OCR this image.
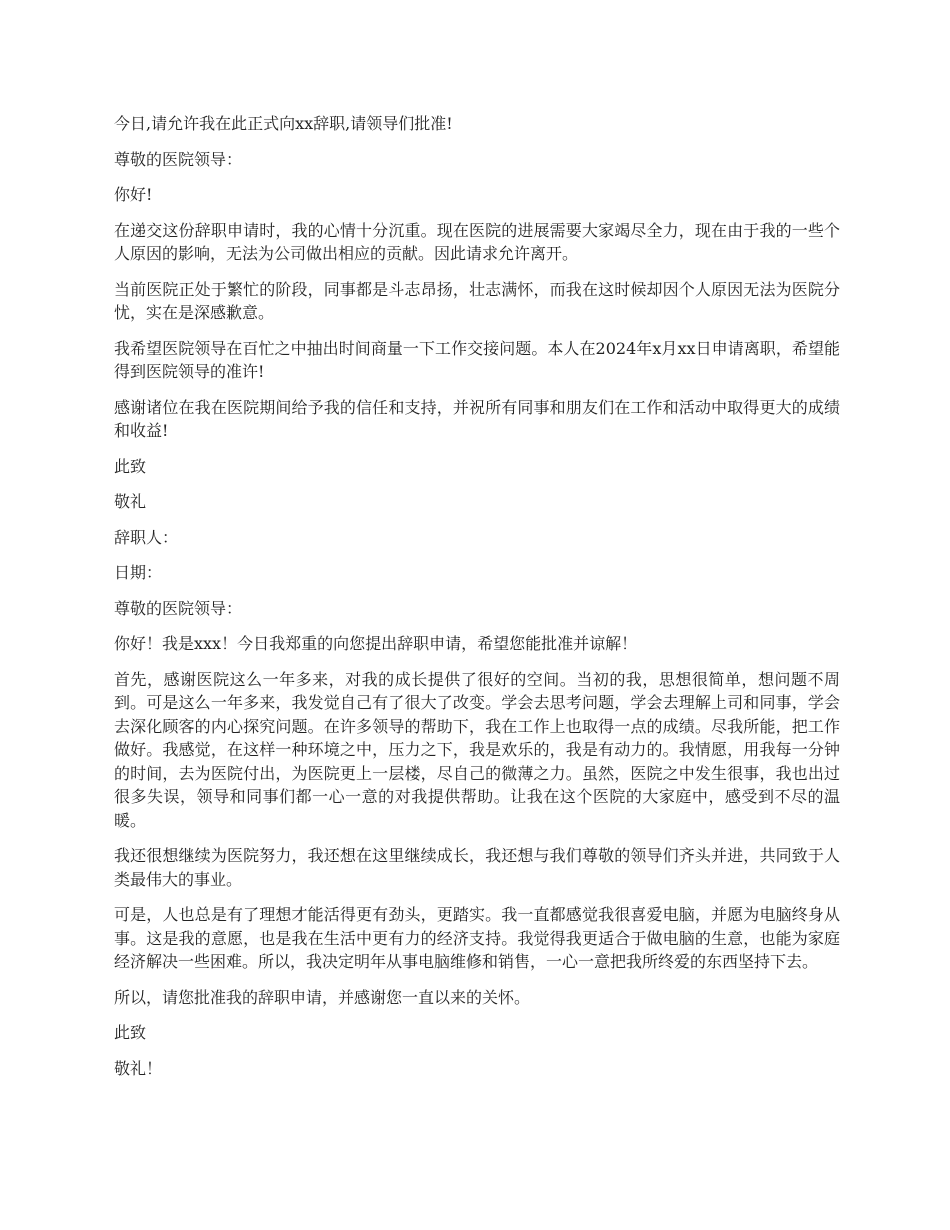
今日,请允许我在此正式向xx辞职,请领导们批准!

尊敬的医院领导：

你好!

在递交这份辞职申请时，我的心情十分沉重。现在医院的进展需要大家竭尽全力，现在由于我的一些个人原因的影响，无法为公司做出相应的贡献。因此请求允许离开。

当前医院正处于繁忙的阶段，同事都是斗志昂扬，壮志满怀，而我在这时候却因个人原因无法为医院分忧，实在是深感歉意。

我希望医院领导在百忙之中抽出时间商量一下工作交接问题。本人在2024年x月xx日申请离职，希望能得到医院领导的准许!

感谢诸位在我在医院期间给予我的信任和支持，并祝所有同事和朋友们在工作和活动中取得更大的成绩和收益!

此致

敬礼

辞职人：

日期：

尊敬的医院领导：

你好！我是xxx！今日我郑重的向您提出辞职申请，希望您能批准并谅解！

首先，感谢医院这么一年多来，对我的成长提供了很好的空间。当初的我，思想很简单，想问题不周到。可是这么一年多来，我发觉自己有了很大了改变。学会去思考问题，学会去理解上司和同事，学会去深化顾客的内心探究问题。在许多领导的帮助下，我在工作上也取得一点的成绩。尽我所能，把工作做好。我感觉，在这样一种环境之中，压力之下，我是欢乐的，我是有动力的。我情愿，用我每一分钟的时间，去为医院付出，为医院更上一层楼，尽自己的微薄之力。虽然，医院之中发生很事，我也出过很多失误，领导和同事们都一心一意的对我提供帮助。让我在这个医院的大家庭中，感受到不尽的温暖。

我还很想继续为医院努力，我还想在这里继续成长，我还想与我们尊敬的领导们齐头并进，共同致于人类最伟大的事业。

可是，人也总是有了理想才能活得更有劲头，更踏实。我一直都感觉我很喜爱电脑，并愿为电脑终身从事。这是我的意愿，也是我在生活中更有力的经济支持。我觉得我更适合于做电脑的生意，也能为家庭经济解决一些困难。所以，我决定明年从事电脑维修和销售，一心一意把我所终爱的东西坚持下去。

所以，请您批准我的辞职申请，并感谢您一直以来的关怀。

此致

敬礼！
